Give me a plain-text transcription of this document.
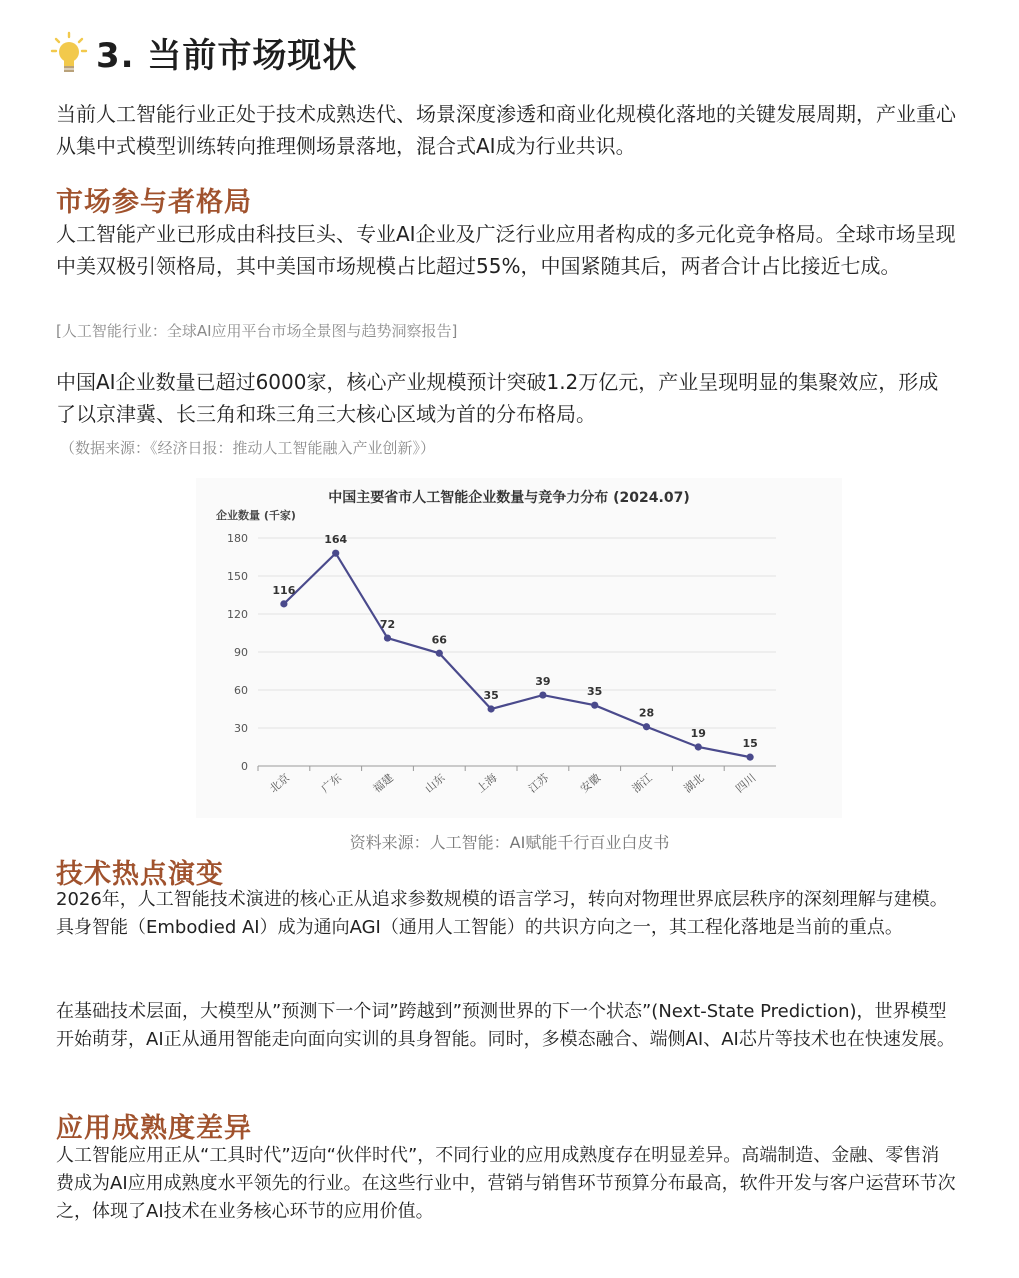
3. 当前市场现状

当前人工智能行业正处于技术成熟迭代、场景深度渗透和商业化规模化落地的关键发展周期，产业重心从集中式模型训练转向推理侧场景落地，混合式AI成为行业共识。

市场参与者格局

人工智能产业已形成由科技巨头、专业AI企业及广泛行业应用者构成的多元化竞争格局。全球市场呈现中美双极引领格局，其中美国市场规模占比超过55%，中国紧随其后，两者合计占比接近七成。

[人工智能行业：全球AI应用平台市场全景图与趋势洞察报告]

中国AI企业数量已超过6000家，核心产业规模预计突破1.2万亿元，产业呈现明显的集聚效应，形成了以京津冀、长三角和珠三角三大核心区域为首的分布格局。

（数据来源：《经济日报：推动人工智能融入产业创新》）

中国主要省市人工智能企业数量与竞争力分布 (2024.07)
企业数量 (千家)
0
30
60
90
120
150
180
北京 广东 福建 山东 上海 江苏 安徽 浙江 湖北 四川
116
164
72
66
35
39
35
28
19
15
资料来源：人工智能：AI赋能千行百业白皮书
技术热点演变

2026年，人工智能技术演进的核心正从追求参数规模的语言学习，转向对物理世界底层秩序的深刻理解与建模。具身智能（Embodied AI）成为通向AGI（通用人工智能）的共识方向之一，其工程化落地是当前的重点。

在基础技术层面，大模型从”预测下一个词”跨越到”预测世界的下一个状态”(Next-State Prediction)，世界模型开始萌芽，AI正从通用智能走向面向实训的具身智能。同时，多模态融合、端侧AI、AI芯片等技术也在快速发展。

应用成熟度差异

人工智能应用正从“工具时代”迈向“伙伴时代”，不同行业的应用成熟度存在明显差异。高端制造、金融、零售消费成为AI应用成熟度水平领先的行业。在这些行业中，营销与销售环节预算分布最高，软件开发与客户运营环节次之，体现了AI技术在业务核心环节的应用价值。
